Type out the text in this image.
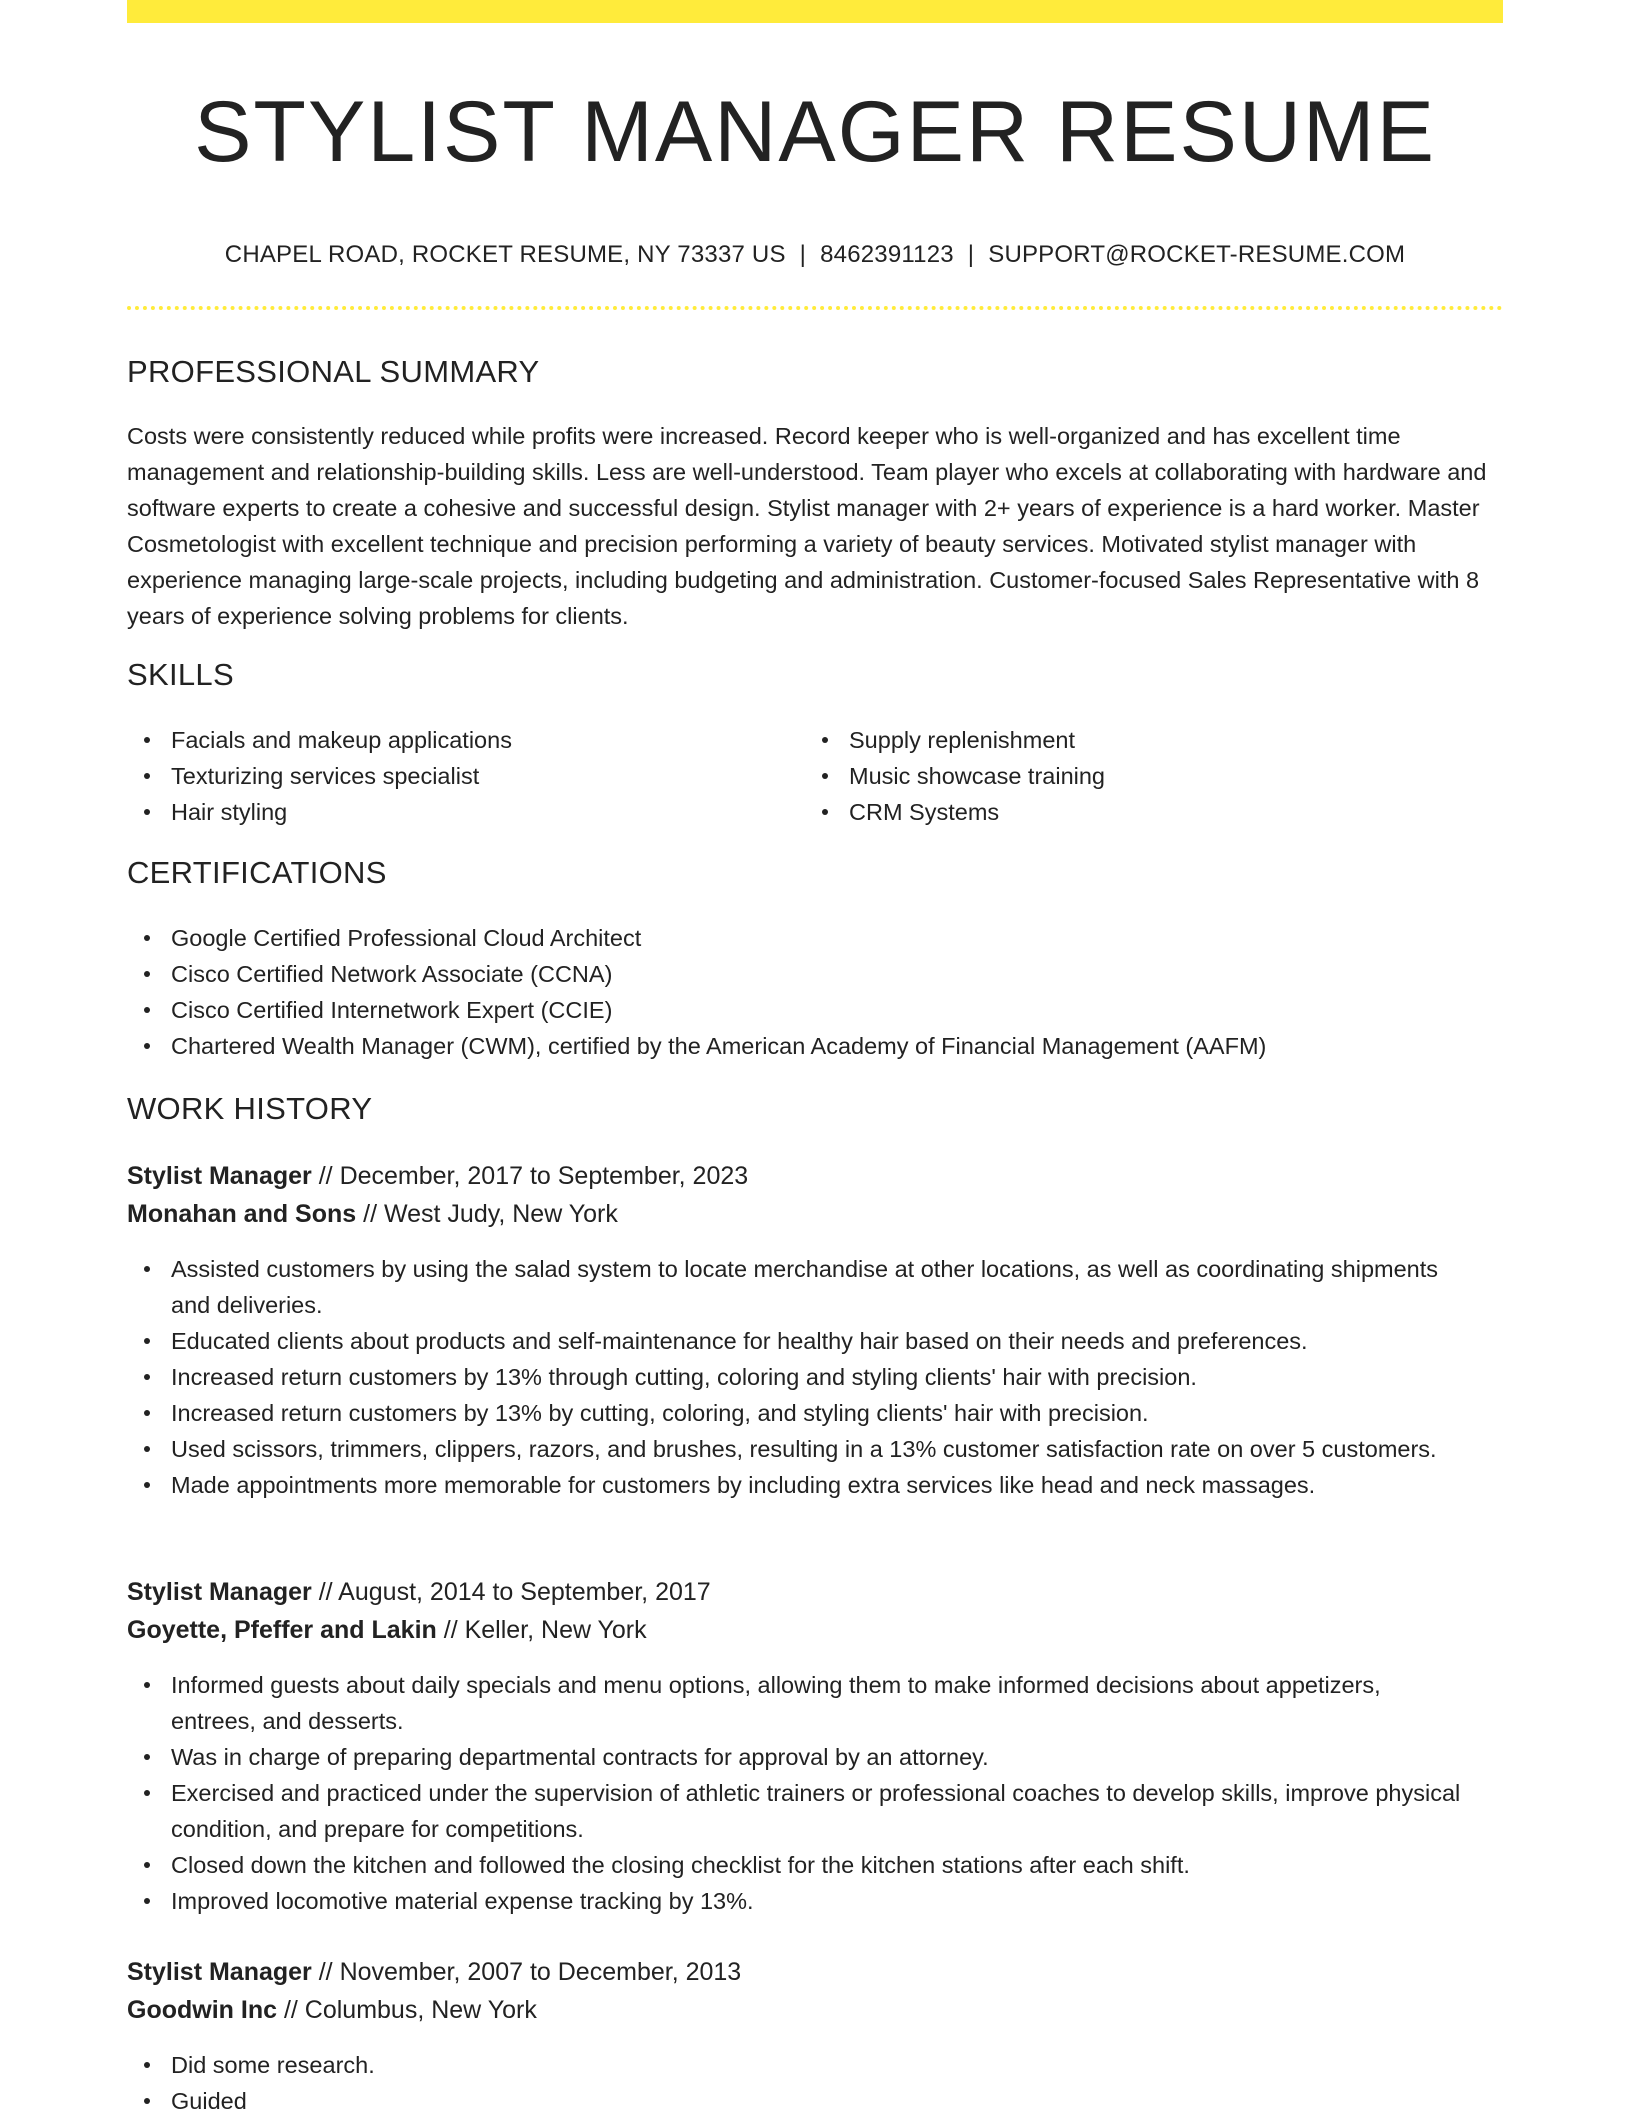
STYLIST MANAGER RESUME
CHAPEL ROAD, ROCKET RESUME, NY 73337 US | 8462391123 | SUPPORT@ROCKET-RESUME.COM
PROFESSIONAL SUMMARY

Costs were consistently reduced while profits were increased. Record keeper who is well-organized and has excellent time management and relationship-building skills. Less are well-understood. Team player who excels at collaborating with hardware and software experts to create a cohesive and successful design. Stylist manager with 2+ years of experience is a hard worker. Master Cosmetologist with excellent technique and precision performing a variety of beauty services. Motivated stylist manager with experience managing large-scale projects, including budgeting and administration. Customer-focused Sales Representative with 8 years of experience solving problems for clients.

SKILLS
Facials and makeup applications
Texturizing services specialist
Hair styling
Supply replenishment
Music showcase training
CRM Systems
CERTIFICATIONS
Google Certified Professional Cloud Architect
Cisco Certified Network Associate (CCNA)
Cisco Certified Internetwork Expert (CCIE)
Chartered Wealth Manager (CWM), certified by the American Academy of Financial Management (AAFM)
WORK HISTORY
Stylist Manager // December, 2017 to September, 2023
Monahan and Sons // West Judy, New York
Assisted customers by using the salad system to locate merchandise at other locations, as well as coordinating shipments and deliveries.
Educated clients about products and self-maintenance for healthy hair based on their needs and preferences.
Increased return customers by 13% through cutting, coloring and styling clients' hair with precision.
Increased return customers by 13% by cutting, coloring, and styling clients' hair with precision.
Used scissors, trimmers, clippers, razors, and brushes, resulting in a 13% customer satisfaction rate on over 5 customers.
Made appointments more memorable for customers by including extra services like head and neck massages.
Stylist Manager // August, 2014 to September, 2017
Goyette, Pfeffer and Lakin // Keller, New York
Informed guests about daily specials and menu options, allowing them to make informed decisions about appetizers, entrees, and desserts.
Was in charge of preparing departmental contracts for approval by an attorney.
Exercised and practiced under the supervision of athletic trainers or professional coaches to develop skills, improve physical condition, and prepare for competitions.
Closed down the kitchen and followed the closing checklist for the kitchen stations after each shift.
Improved locomotive material expense tracking by 13%.
Stylist Manager // November, 2007 to December, 2013
Goodwin Inc // Columbus, New York
Did some research.
Guided
